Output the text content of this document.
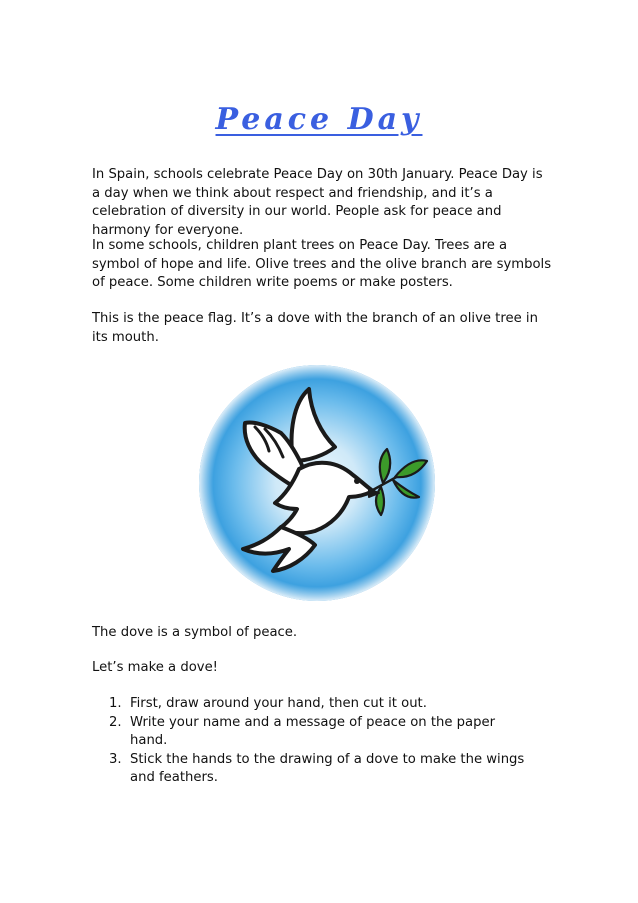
Peace Day

In Spain, schools celebrate Peace Day on 30th January. Peace Day is a day when we think about respect and friendship, and it’s a celebration of diversity in our world. People ask for peace and harmony for everyone.

In some schools, children plant trees on Peace Day. Trees are a symbol of hope and life. Olive trees and the olive branch are symbols of peace. Some children write poems or make posters.

This is the peace flag. It’s a dove with the branch of an olive tree in its mouth.

The dove is a symbol of peace.

Let’s make a dove!

1. First, draw around your hand, then cut it out.
2. Write your name and a message of peace on the paper hand.
3. Stick the hands to the drawing of a dove to make the wings and feathers.
